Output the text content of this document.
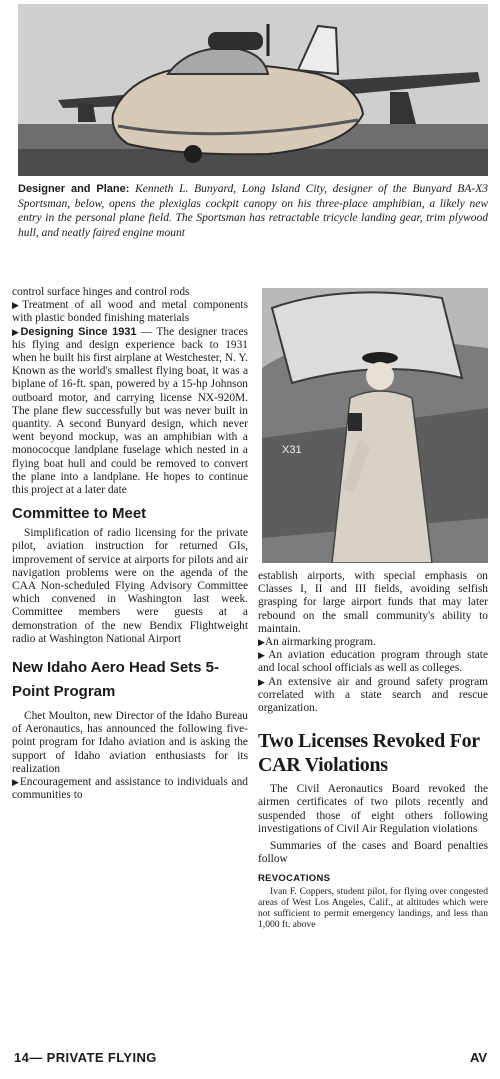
Designer and Plane: Kenneth L. Bunyard, Long Island City, designer of the Bunyard BA-X3 Sportsman, below, opens the plexiglas cockpit canopy on his three-place amphibian, a likely new entry in the personal plane field. The Sportsman has retractable tricycle landing gear, trim plywood hull, and neatly faired engine mount

control surface hinges and control rods

▶Treatment of all wood and metal components with plastic bonded finishing materials

▶Designing Since 1931 — The designer traces his flying and design experience back to 1931 when he built his first airplane at Westchester, N. Y. Known as the world's smallest flying boat, it was a biplane of 16-ft. span, powered by a 15-hp Johnson outboard motor, and carrying license NX-920M. The plane flew successfully but was never built in quantity. A second Bunyard design, which never went beyond mockup, was an amphibian with a monococque landplane fuselage which nested in a flying boat hull and could be removed to convert the plane into a landplane. He hopes to continue this project at a later date

Committee to Meet

Simplification of radio licensing for the private pilot, aviation instruction for returned GIs, improvement of service at airports for pilots and air navigation problems were on the agenda of the CAA Non-scheduled Flying Advisory Committee which convened in Washington last week. Committee members were guests at a demonstration of the new Bendix Flightweight radio at Washington National Airport

New Idaho Aero Head Sets 5-Point Program

Chet Moulton, new Director of the Idaho Bureau of Aeronautics, has announced the following five-point program for Idaho aviation and is asking the support of Idaho aviation enthusiasts for its realization

▶Encouragement and assistance to individuals and communities to

X31

establish airports, with special emphasis on Classes I, II and III fields, avoiding selfish grasping for large airport funds that may later rebound on the small community's ability to maintain.

▶An airmarking program.

▶An aviation education program through state and local school officials as well as colleges.

▶An extensive air and ground safety program correlated with a state search and rescue organization.

Two Licenses Revoked For CAR Violations

The Civil Aeronautics Board revoked the airmen certificates of two pilots recently and suspended those of eight others following investigations of Civil Air Regulation violations

Summaries of the cases and Board penalties follow

REVOCATIONS

Ivan F. Coppers, student pilot, for flying over congested areas of West Los Angeles, Calif., at altitudes which were not sufficient to permit emergency landings, and less than 1,000 ft. above

14— PRIVATE FLYING	AV
